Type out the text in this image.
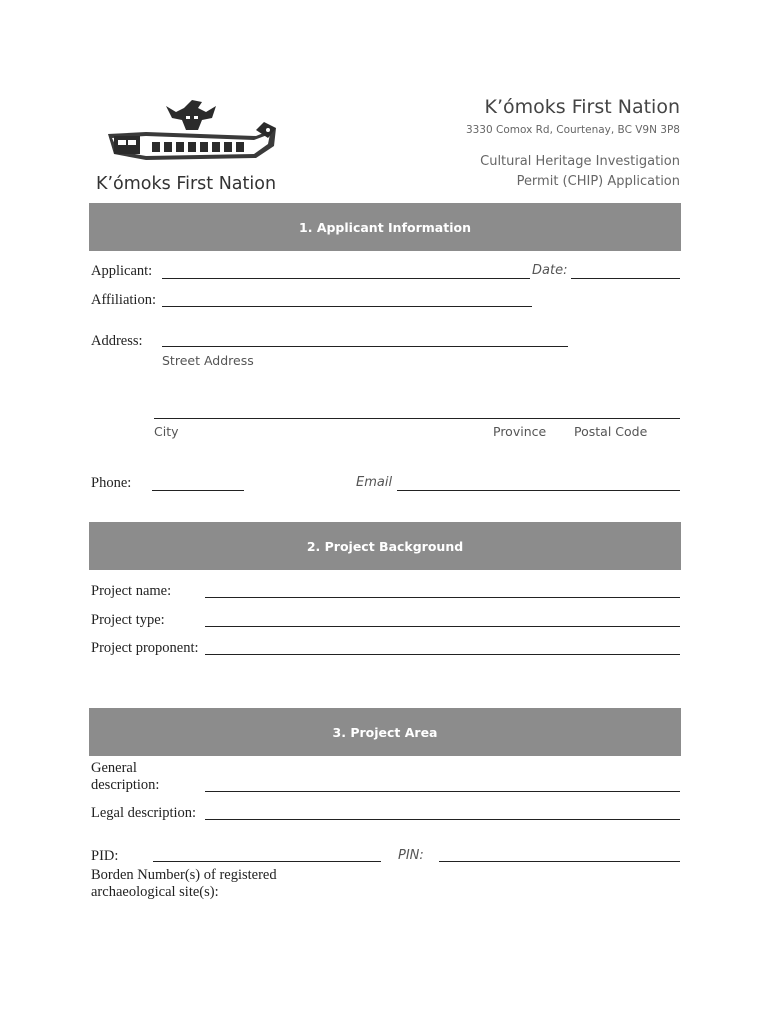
K’ómoks First Nation
K’ómoks First Nation
3330 Comox Rd, Courtenay, BC V9N 3P8
Cultural Heritage Investigation
Permit (CHIP) Application
1. Applicant Information
Applicant:	Date:
Affiliation:
Address:
Street Address
City	Province Postal Code
Phone:	Email
2. Project Background
Project name:
Project type:
Project proponent:
3. Project Area
General
description:
Legal description:
PID:	PIN:
Borden Number(s) of registered
archaeological site(s):
